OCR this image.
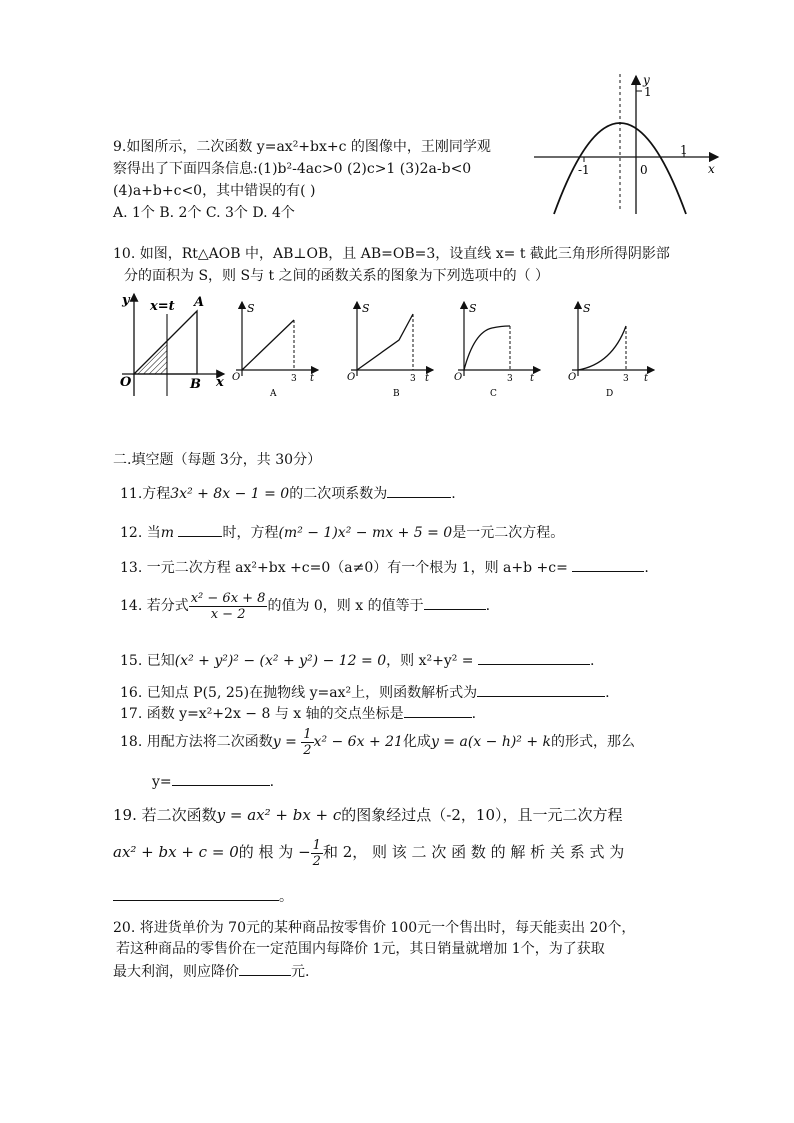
9.如图所示，二次函数 y=ax²+bx+c 的图像中，王刚同学观
察得出了下面四条信息:(1)b²-4ac>0 (2)c>1 (3)2a-b<0
(4)a+b+c<0，其中错误的有( )
A. 1个 B. 2个 C. 3个 D. 4个
y
1
-1	0
1
x
10. 如图，Rt△AOB 中，AB⊥OB，且 AB=OB=3，设直线 x= t 截此三角形所得阴影部
分的面积为 S，则 S与 t 之间的函数关系的图象为下列选项中的（ ）
y x=t A
O	B x
S
O	3 t
A
S
O	3 t
B
S
O	3 t
C
S
O	3 t
D
二.填空题（每题 3分，共 30分）
11.方程3x² + 8x − 1 = 0的二次项系数为	.
12. 当m	时，方程(m² − 1)x² − mx + 5 = 0是一元二次方程。
13. 一元二次方程 ax²+bx +c=0（a≠0）有一个根为 1，则 a+b +c=	.
14. 若分式 $\frac{\text{x² − 6x + 8}}{x - 2}$ 的值为 0，则 x 的值等于	.
15. 已知(x² + y²)² − (x² + y²) − 12 = 0，则 x²+y² =	.
16. 已知点 P(5, 25)在抛物线 y=ax²上，则函数解析式为	.
17. 函数 y=x²+2x − 8 与 x 轴的交点坐标是	.
18. 用配方法将二次函数$y = \frac{1}{2} x^2 - 6x + 21$化成y = a(x − h)² + k的形式，那么
y=	.
19. 若二次函数y = ax² + bx + c的图象经过点（-2，10），且一元二次方程
ax² + bx + c = 0的 根 为 − $\frac{1}{2}$ 和 2， 则 该 二 次 函 数 的 解 析 关 系 式 为
。
20. 将进货单价为 70元的某种商品按零售价 100元一个售出时，每天能卖出 20个，
若这种商品的零售价在一定范围内每降价 1元，其日销量就增加 1个，为了获取
最大利润，则应降价	元.
